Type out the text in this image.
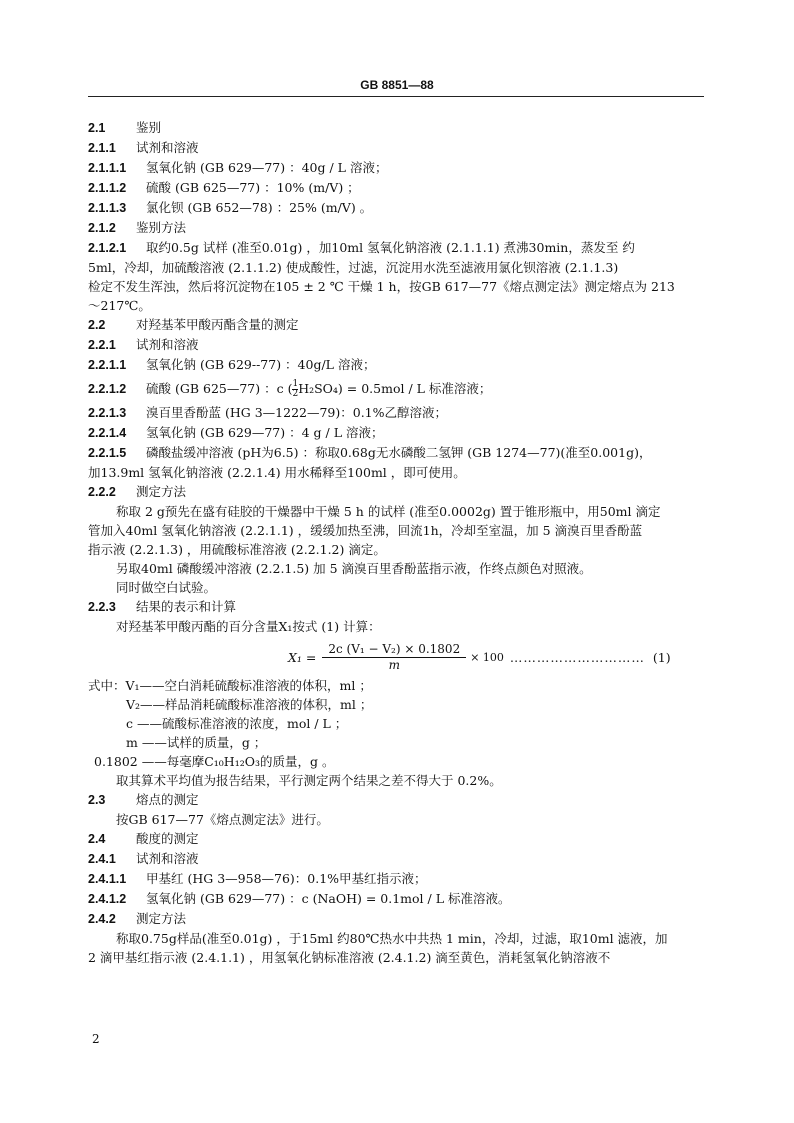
GB 8851—88
2.1 鉴别
2.1.1 试剂和溶液
2.1.1.1 氢氧化钠 (GB 629—77) ：40g / L 溶液；
2.1.1.2 硫酸 (GB 625—77) ：10% (m/V) ；
2.1.1.3 氯化钡 (GB 652—78) ：25% (m/V) 。
2.1.2 鉴别方法
2.1.2.1 取约0.5g 试样 (准至0.01g) ，加10ml 氢氧化钠溶液 (2.1.1.1) 煮沸30min，蒸发至 约
5ml，冷却，加硫酸溶液 (2.1.1.2) 使成酸性，过滤，沉淀用水洗至滤液用氯化钡溶液 (2.1.1.3)
检定不发生浑浊，然后将沉淀物在105 ± 2 ℃ 干燥 1 h，按GB 617—77《熔点测定法》测定熔点为 213
～217℃。
2.2 对羟基苯甲酸丙酯含量的测定
2.2.1 试剂和溶液
2.2.1.1 氢氧化钠 (GB 629--77) ：40g/L 溶液；
2.2.1.2 硫酸 (GB 625—77) ：c ( $\frac{1}{2} H_2SO_4) = 0.5mol / L$ 标准溶液；
2.2.1.3 溴百里香酚蓝 (HG 3—1222—79)：0.1%乙醇溶液；
2.2.1.4 氢氧化钠 (GB 629—77) ：4 g / L 溶液；
2.2.1.5 磷酸盐缓冲溶液 (pH为6.5) ：称取0.68g无水磷酸二氢钾 (GB 1274—77)(准至0.001g)，
加13.9ml 氢氧化钠溶液 (2.2.1.4) 用水稀释至100ml ，即可使用。
2.2.2 测定方法
称取 2 g预先在盛有硅胶的干燥器中干燥 5 h 的试样 (准至0.0002g) 置于锥形瓶中，用50ml 滴定
管加入40ml 氢氧化钠溶液 (2.2.1.1) ，缓缓加热至沸，回流1h，冷却至室温，加 5 滴溴百里香酚蓝
指示液 (2.2.1.3) ，用硫酸标准溶液 (2.2.1.2) 滴定。
另取40ml 磷酸缓冲溶液 (2.2.1.5) 加 5 滴溴百里香酚蓝指示液，作终点颜色对照液。
同时做空白试验。
2.2.3 结果的表示和计算
对羟基苯甲酸丙酯的百分含量X₁按式 (1) 计算：
$X_1 = \frac{\text{2c (V₁ − V₂) × 0.1802}}{m} \times 100$ ………………………… (1)
式中：V₁——空白消耗硫酸标准溶液的体积，ml ；
V₂——样品消耗硫酸标准溶液的体积，ml ；
c ——硫酸标准溶液的浓度，mol / L ；
m ——试样的质量，g ；
0.1802 ——每毫摩C₁₀H₁₂O₃的质量，g 。
取其算术平均值为报告结果，平行测定两个结果之差不得大于 0.2%。
2.3 熔点的测定
按GB 617—77《熔点测定法》进行。
2.4 酸度的测定
2.4.1 试剂和溶液
2.4.1.1 甲基红 (HG 3—958—76)：0.1%甲基红指示液；
2.4.1.2 氢氧化钠 (GB 629—77) ：c (NaOH) = 0.1mol / L 标准溶液。
2.4.2 测定方法
称取0.75g样品(准至0.01g) ，于15ml 约80℃热水中共热 1 min，冷却，过滤，取10ml 滤液，加
2 滴甲基红指示液 (2.4.1.1) ，用氢氧化钠标准溶液 (2.4.1.2) 滴至黄色，消耗氢氧化钠溶液不
2
